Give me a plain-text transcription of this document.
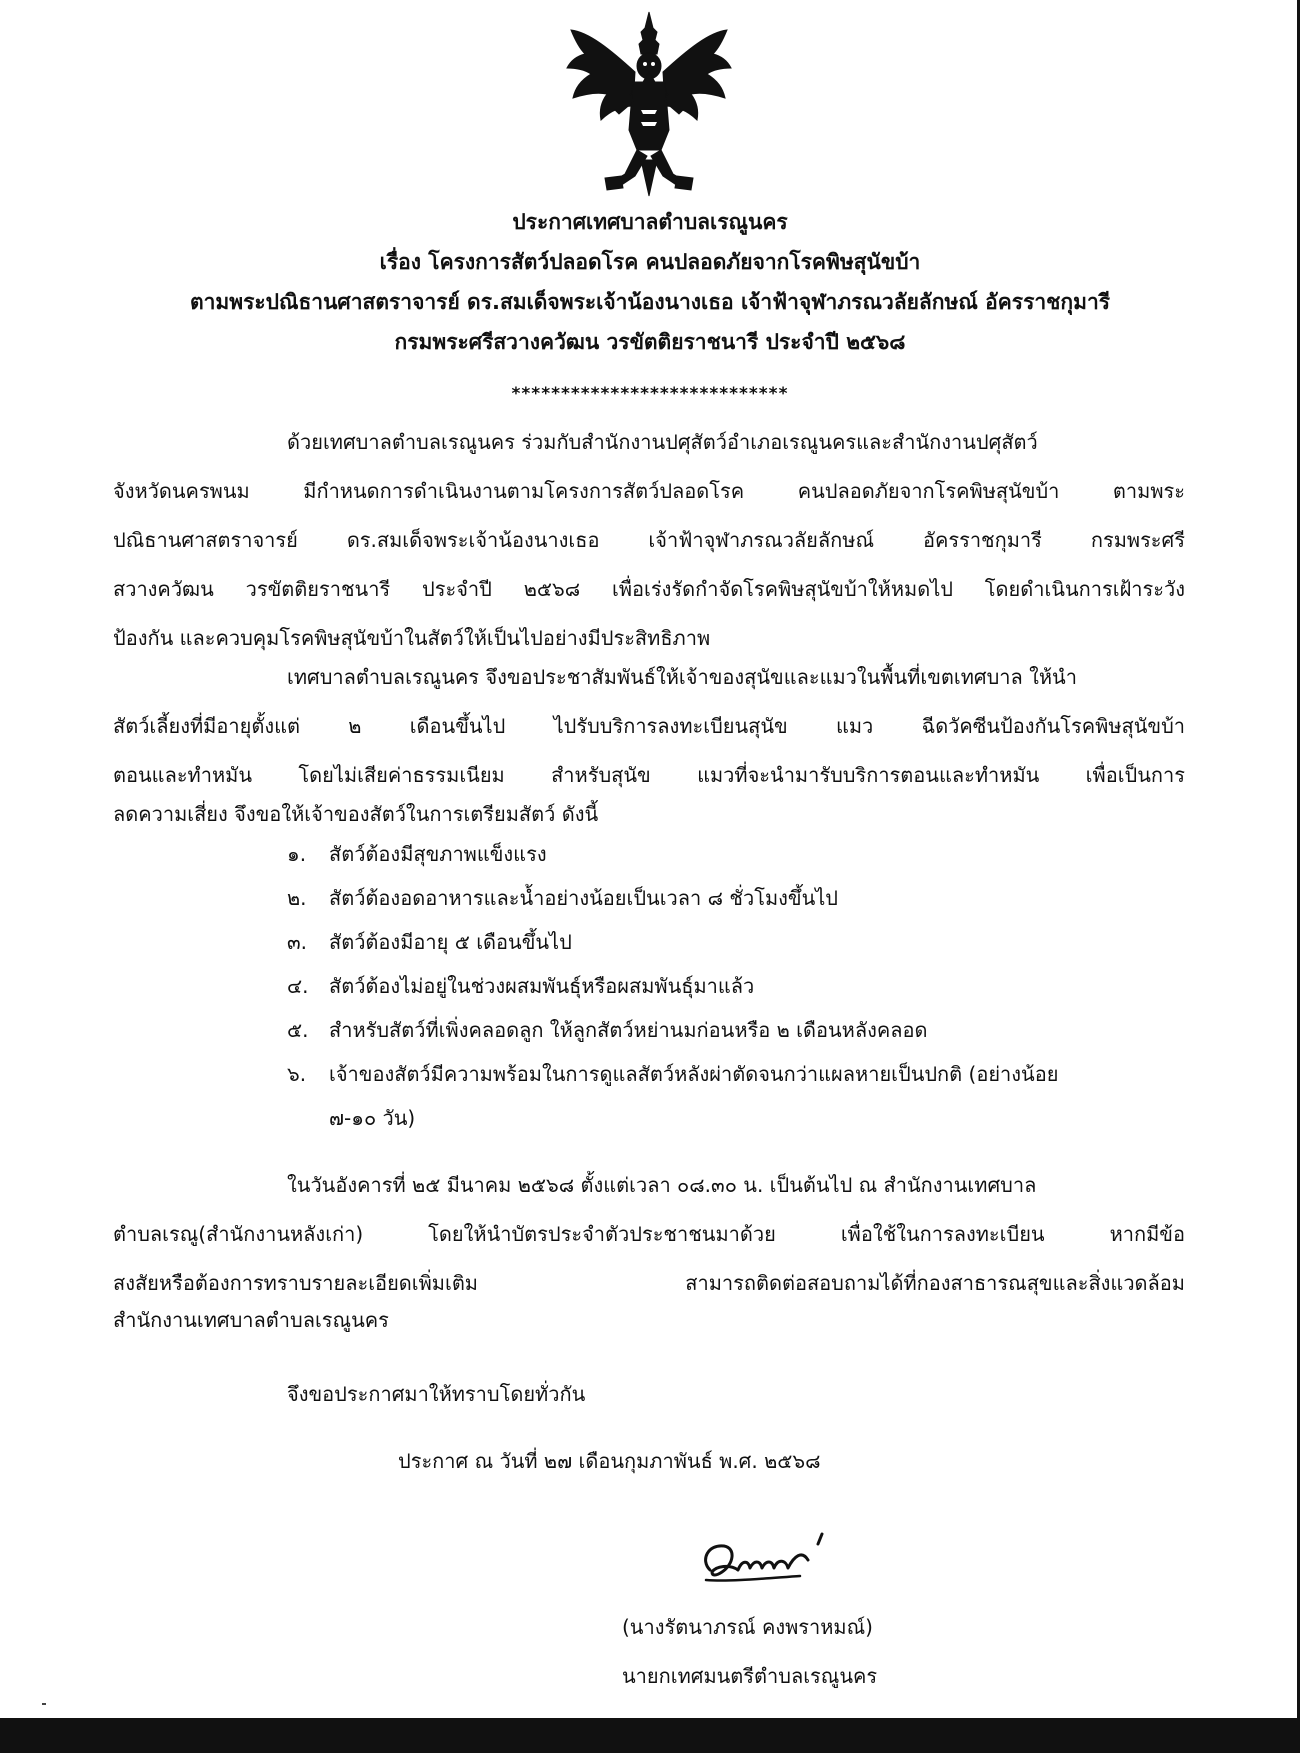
ประกาศเทศบาลตำบลเรณูนคร
เรื่อง โครงการสัตว์ปลอดโรค คนปลอดภัยจากโรคพิษสุนัขบ้า
ตามพระปณิธานศาสตราจารย์ ดร.สมเด็จพระเจ้าน้องนางเธอ เจ้าฟ้าจุฬาภรณวลัยลักษณ์ อัครราชกุมารี
กรมพระศรีสวางควัฒน วรขัตติยราชนารี ประจำปี ๒๕๖๘
****************************
ด้วยเทศบาลตำบลเรณูนคร ร่วมกับสำนักงานปศุสัตว์อำเภอเรณูนครและสำนักงานปศุสัตว์
จังหวัดนครพนม มีกำหนดการดำเนินงานตามโครงการสัตว์ปลอดโรค คนปลอดภัยจากโรคพิษสุนัขบ้า ตามพระ
ปณิธานศาสตราจารย์ ดร.สมเด็จพระเจ้าน้องนางเธอ เจ้าฟ้าจุฬาภรณวลัยลักษณ์ อัครราชกุมารี กรมพระศรี
สวางควัฒน วรขัตติยราชนารี ประจำปี ๒๕๖๘ เพื่อเร่งรัดกำจัดโรคพิษสุนัขบ้าให้หมดไป โดยดำเนินการเฝ้าระวัง
ป้องกัน และควบคุมโรคพิษสุนัขบ้าในสัตว์ให้เป็นไปอย่างมีประสิทธิภาพ
เทศบาลตำบลเรณูนคร จึงขอประชาสัมพันธ์ให้เจ้าของสุนัขและแมวในพื้นที่เขตเทศบาล ให้นำ
สัตว์เลี้ยงที่มีอายุตั้งแต่ ๒ เดือนขึ้นไป ไปรับบริการลงทะเบียนสุนัข แมว ฉีดวัคซีนป้องกันโรคพิษสุนัขบ้า
ตอนและทำหมัน โดยไม่เสียค่าธรรมเนียม สำหรับสุนัข แมวที่จะนำมารับบริการตอนและทำหมัน เพื่อเป็นการ
ลดความเสี่ยง จึงขอให้เจ้าของสัตว์ในการเตรียมสัตว์ ดังนี้
๑. สัตว์ต้องมีสุขภาพแข็งแรง
๒. สัตว์ต้องอดอาหารและน้ำอย่างน้อยเป็นเวลา ๘ ชั่วโมงขึ้นไป
๓. สัตว์ต้องมีอายุ ๕ เดือนขึ้นไป
๔. สัตว์ต้องไม่อยู่ในช่วงผสมพันธุ์หรือผสมพันธุ์มาแล้ว
๕. สำหรับสัตว์ที่เพิ่งคลอดลูก ให้ลูกสัตว์หย่านมก่อนหรือ ๒ เดือนหลังคลอด
๖. เจ้าของสัตว์มีความพร้อมในการดูแลสัตว์หลังผ่าตัดจนกว่าแผลหายเป็นปกติ (อย่างน้อย
๗-๑๐ วัน)
ในวันอังคารที่ ๒๕ มีนาคม ๒๕๖๘ ตั้งแต่เวลา ๐๘.๓๐ น. เป็นต้นไป ณ สำนักงานเทศบาล
ตำบลเรณู(สำนักงานหลังเก่า) โดยให้นำบัตรประจำตัวประชาชนมาด้วย เพื่อใช้ในการลงทะเบียน หากมีข้อ
สงสัยหรือต้องการทราบรายละเอียดเพิ่มเติม สามารถติดต่อสอบถามได้ที่กองสาธารณสุขและสิ่งแวดล้อม
สำนักงานเทศบาลตำบลเรณูนคร
จึงขอประกาศมาให้ทราบโดยทั่วกัน
ประกาศ ณ วันที่ ๒๗ เดือนกุมภาพันธ์ พ.ศ. ๒๕๖๘
(นางรัตนาภรณ์ คงพราหมณ์)
นายกเทศมนตรีตำบลเรณูนคร
